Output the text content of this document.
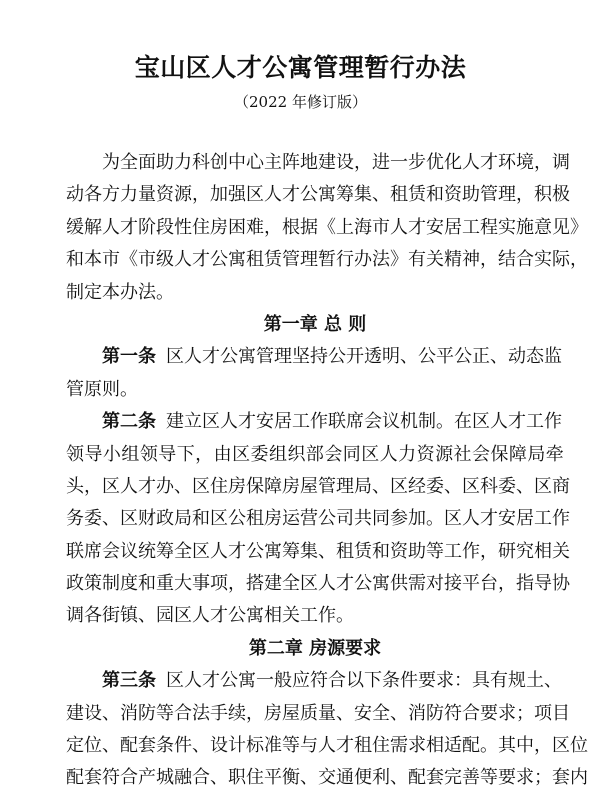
宝山区人才公寓管理暂行办法

（2022 年修订版）

为 全 面 助 力 科 创 中 心 主 阵 地 建 设 ， 进 一 步 优 化 人 才 环 境 ， 调
动 各 方 力 量 资 源 ， 加 强 区 人 才 公 寓 筹 集 、 租 赁 和 资 助 管 理 ， 积 极
缓 解 人 才 阶 段 性 住 房 困 难 ， 根 据 《 上 海 市 人 才 安 居 工 程 实 施 意 见 》
和 本 市 《 市 级 人 才 公 寓 租 赁 管 理 暂 行 办 法 》 有 关 精 神 ， 结 合 实 际 ，
制定本办法。
第一章 总 则
第一条 区人才公寓管理坚持公开透明、公平公正、动态监
管原则。
第二条 建立区人才安居工作联席会议机制。在区人才工作
领 导 小 组 领 导 下 ， 由 区 委 组 织 部 会 同 区 人 力 资 源 社 会 保 障 局 牵
头 ， 区 人 才 办 、 区 住 房 保 障 房 屋 管 理 局 、 区 经 委 、 区 科 委 、 区 商
务 委 、 区 财 政 局 和 区 公 租 房 运 营 公 司 共 同 参 加 。 区 人 才 安 居 工 作
联 席 会 议 统 筹 全 区 人 才 公 寓 筹 集 、 租 赁 和 资 助 等 工 作 ， 研 究 相 关
政 策 制 度 和 重 大 事 项 ， 搭 建 全 区 人 才 公 寓 供 需 对 接 平 台 ， 指 导 协
调各街镇、园区人才公寓相关工作。
第二章 房源要求
第三条 区人才公寓一般应符合以下条件要求：具有规土、
建 设 、 消 防 等 合 法 手 续 ， 房 屋 质 量 、 安 全 、 消 防 符 合 要 求 ； 项 目
定 位 、 配 套 条 件 、 设 计 标 准 等 与 人 才 租 住 需 求 相 适 配 。 其 中 ， 区 位
配 套 符 合 产 城 融 合 、 职 住 平 衡 、 交 通 便 利 、 配 套 完 善 等 要 求 ； 套 内
